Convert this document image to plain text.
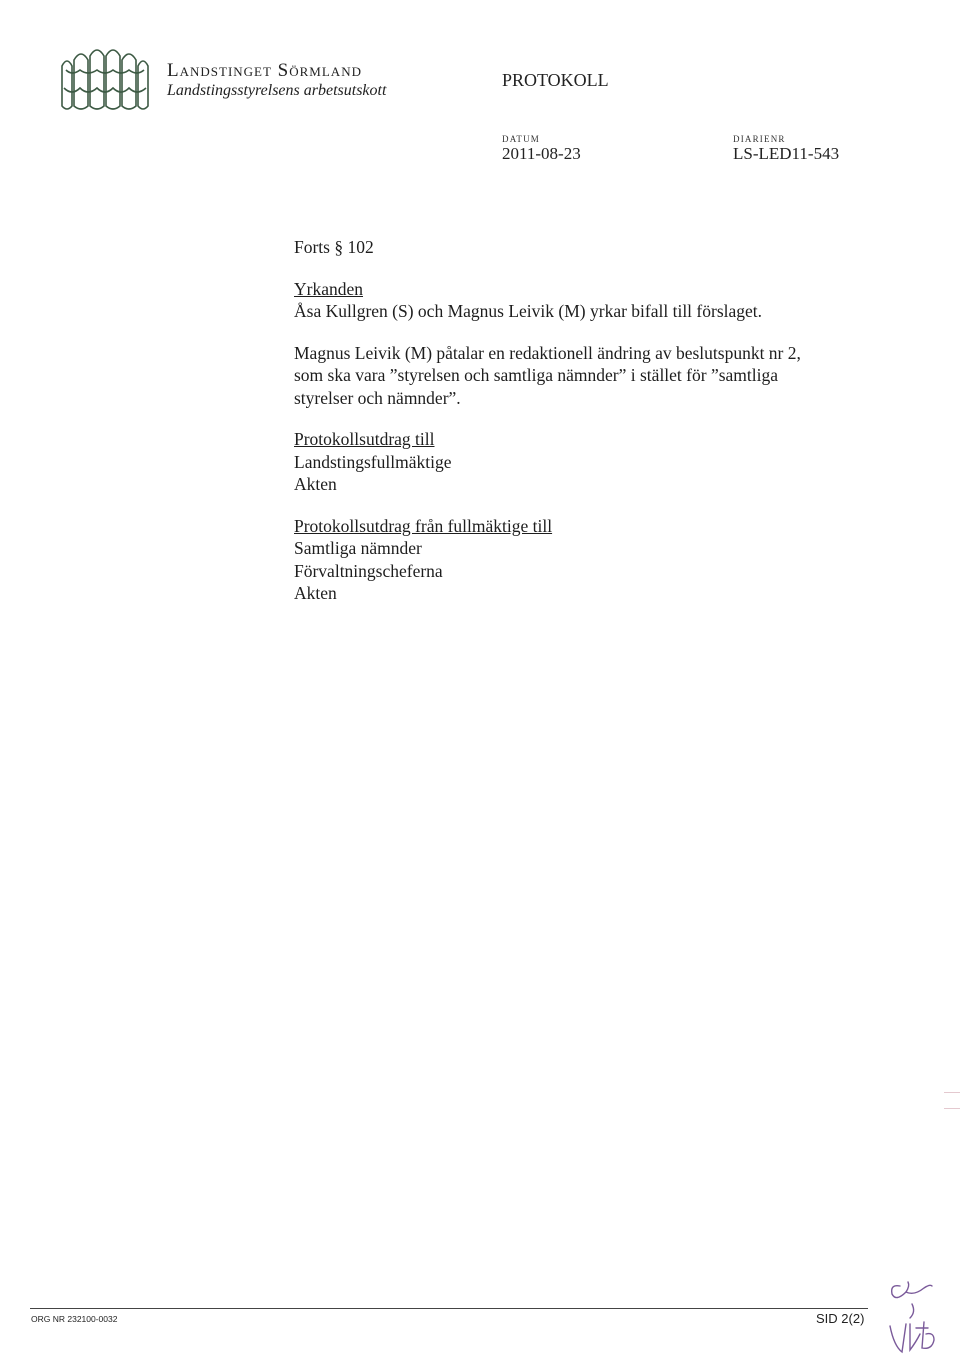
Landstinget Sörmland
Landstingsstyrelsens arbetsutskott
PROTOKOLL
DATUM
2011-08-23
DIARIENR
LS-LED11-543

Forts § 102

Yrkanden

Åsa Kullgren (S) och Magnus Leivik (M) yrkar bifall till förslaget.

Magnus Leivik (M) påtalar en redaktionell ändring av beslutspunkt nr 2,

som ska vara ”styrelsen och samtliga nämnder” i stället för ”samtliga

styrelser och nämnder”.

Protokollsutdrag till

Landstingsfullmäktige

Akten

Protokollsutdrag från fullmäktige till

Samtliga nämnder

Förvaltningscheferna

Akten

ORG NR 232100-0032	SID 2(2)
